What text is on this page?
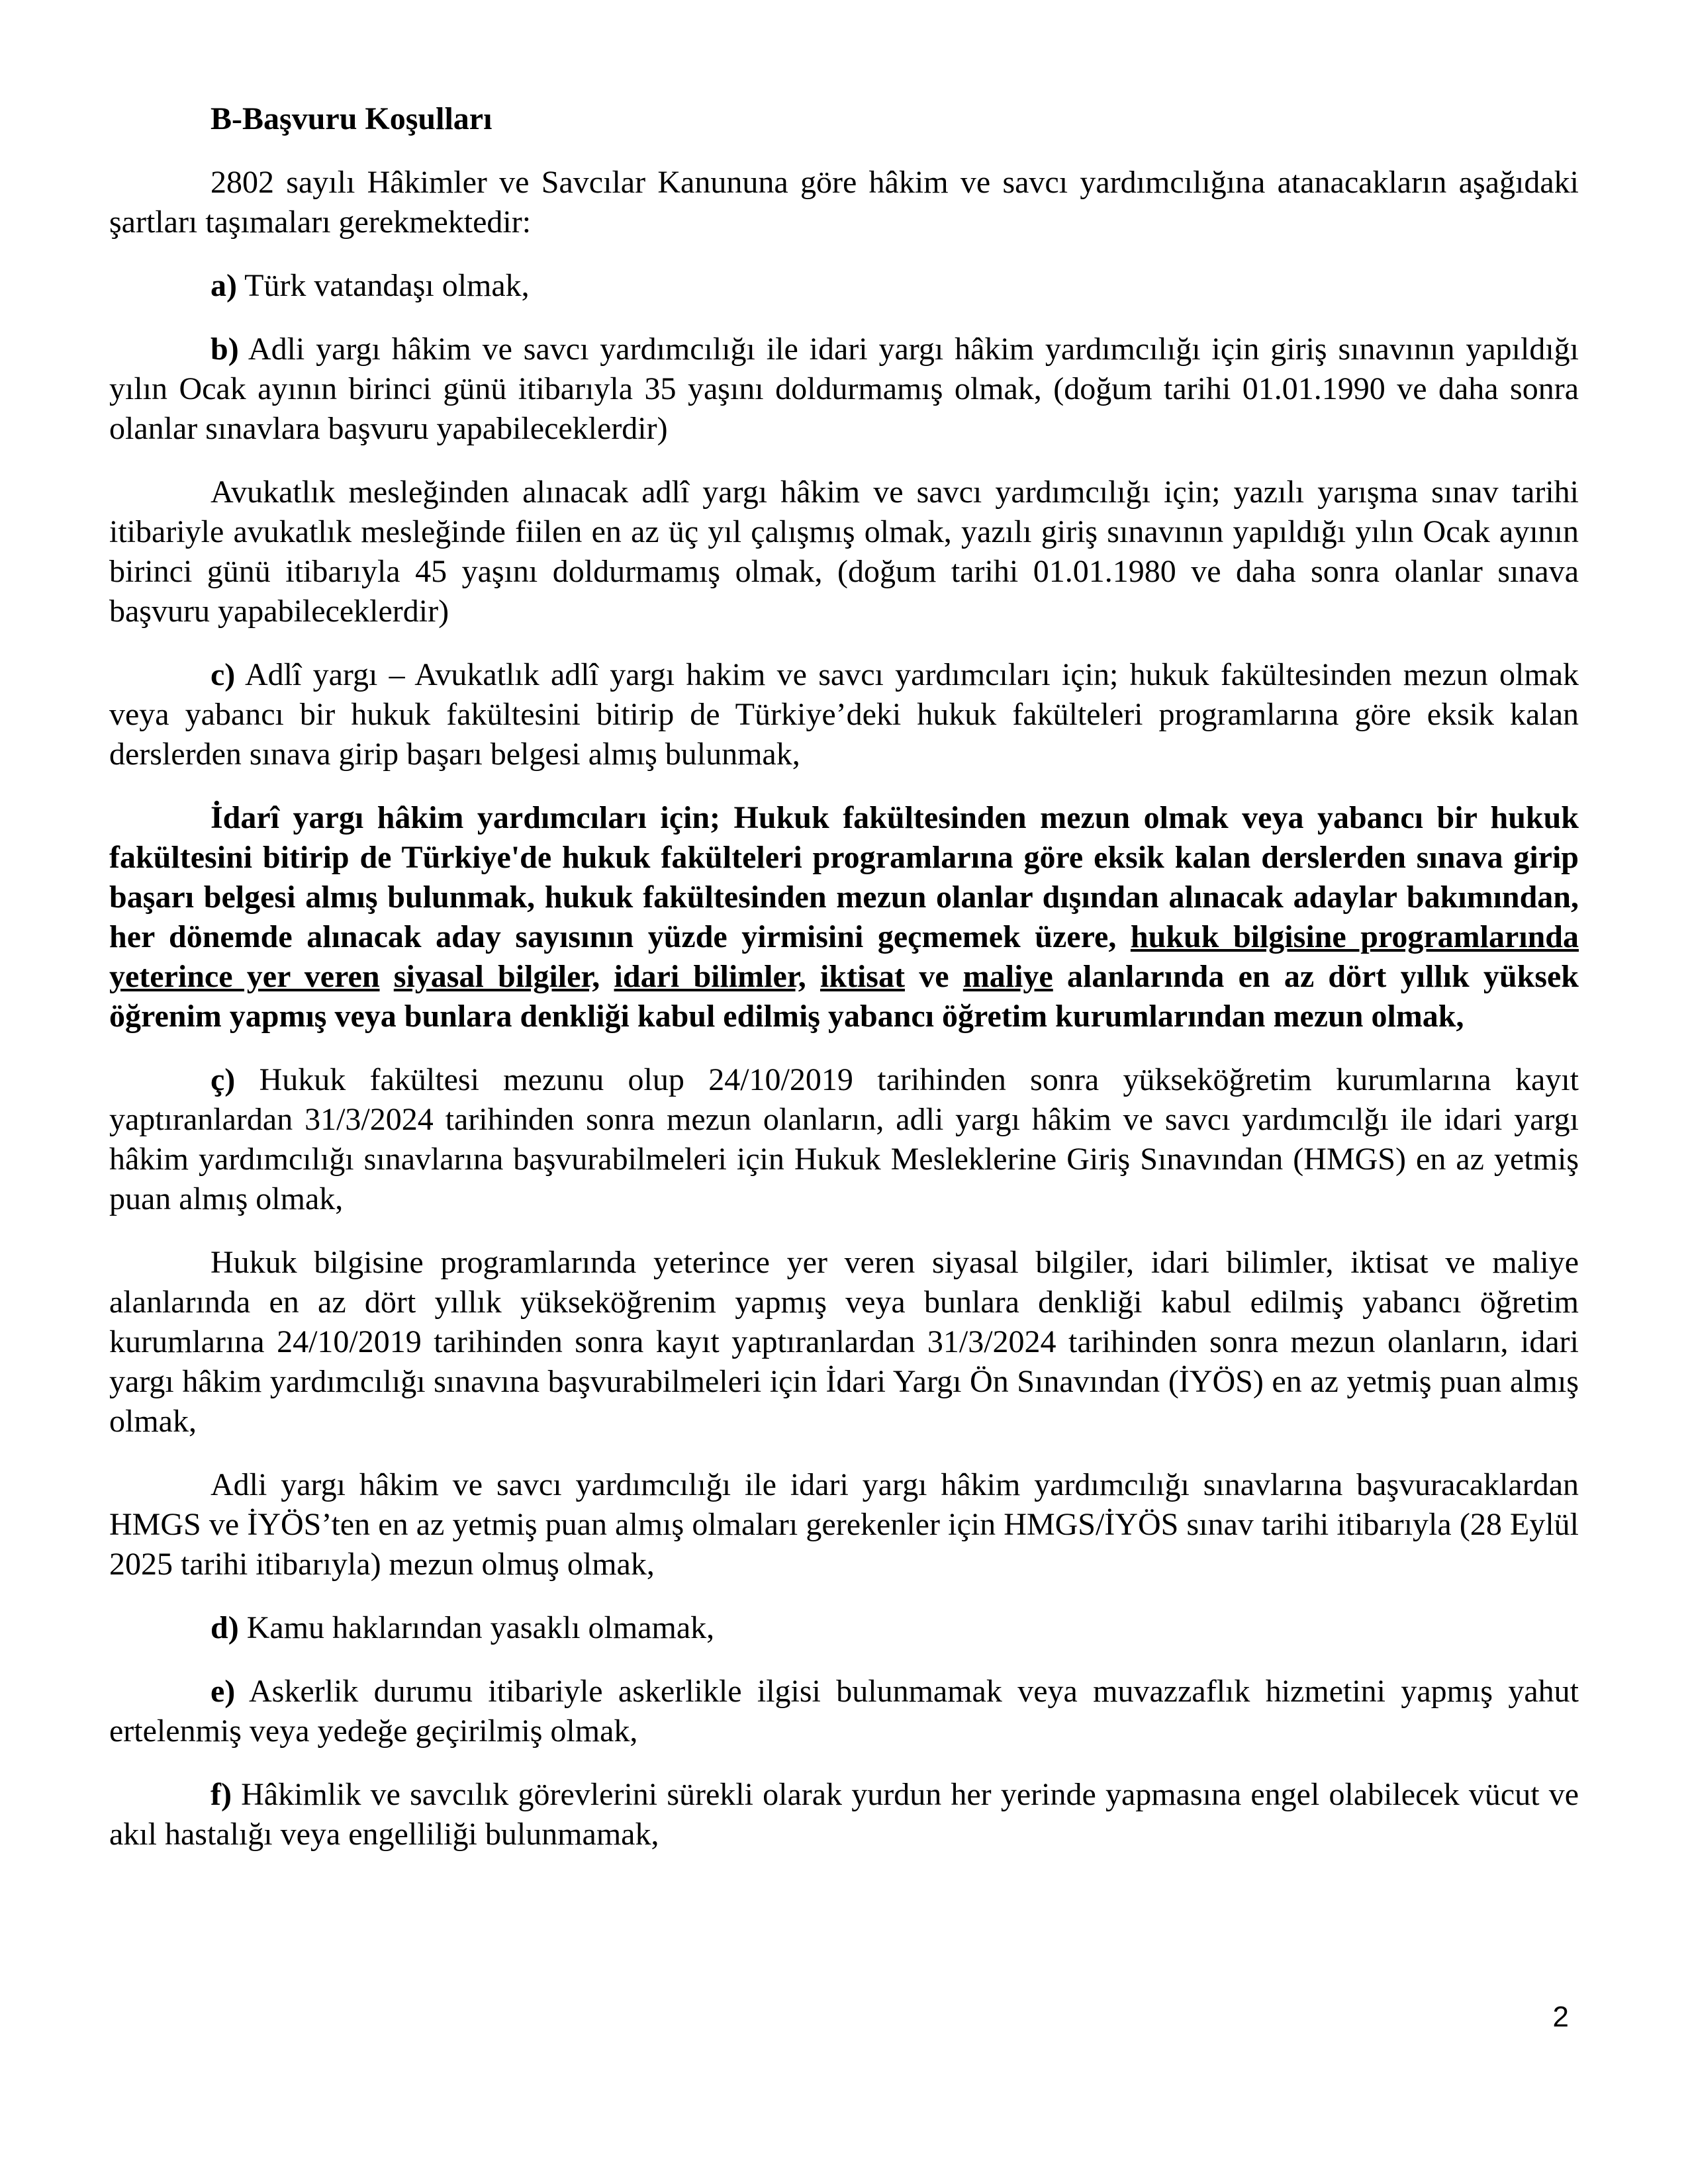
B-Başvuru Koşulları

2802 sayılı Hâkimler ve Savcılar Kanununa göre hâkim ve savcı yardımcılığına atanacakların aşağıdaki şartları taşımaları gerekmektedir:

a) Türk vatandaşı olmak,

b) Adli yargı hâkim ve savcı yardımcılığı ile idari yargı hâkim yardımcılığı için giriş sınavının yapıldığı yılın Ocak ayının birinci günü itibarıyla 35 yaşını doldurmamış olmak, (doğum tarihi 01.01.1990 ve daha sonra olanlar sınavlara başvuru yapabileceklerdir)

Avukatlık mesleğinden alınacak adlî yargı hâkim ve savcı yardımcılığı için; yazılı yarışma sınav tarihi itibariyle avukatlık mesleğinde fiilen en az üç yıl çalışmış olmak, yazılı giriş sınavının yapıldığı yılın Ocak ayının birinci günü itibarıyla 45 yaşını doldurmamış olmak, (doğum tarihi 01.01.1980 ve daha sonra olanlar sınava başvuru yapabileceklerdir)

c) Adlî yargı – Avukatlık adlî yargı hakim ve savcı yardımcıları için; hukuk fakültesinden mezun olmak veya yabancı bir hukuk fakültesini bitirip de Türkiye’deki hukuk fakülteleri programlarına göre eksik kalan derslerden sınava girip başarı belgesi almış bulunmak,

İdarî yargı hâkim yardımcıları için; Hukuk fakültesinden mezun olmak veya yabancı bir hukuk fakültesini bitirip de Türkiye'de hukuk fakülteleri programlarına göre eksik kalan derslerden sınava girip başarı belgesi almış bulunmak, hukuk fakültesinden mezun olanlar dışından alınacak adaylar bakımından, her dönemde alınacak aday sayısının yüzde yirmisini geçmemek üzere, hukuk bilgisine programlarında yeterince yer veren siyasal bilgiler, idari bilimler, iktisat ve maliye alanlarında en az dört yıllık yüksek öğrenim yapmış veya bunlara denkliği kabul edilmiş yabancı öğretim kurumlarından mezun olmak,

ç) Hukuk fakültesi mezunu olup 24/10/2019 tarihinden sonra yükseköğretim kurumlarına kayıt yaptıranlardan 31/3/2024 tarihinden sonra mezun olanların, adli yargı hâkim ve savcı yardımcılğı ile idari yargı hâkim yardımcılığı sınavlarına başvurabilmeleri için Hukuk Mesleklerine Giriş Sınavından (HMGS) en az yetmiş puan almış olmak,

Hukuk bilgisine programlarında yeterince yer veren siyasal bilgiler, idari bilimler, iktisat ve maliye alanlarında en az dört yıllık yükseköğrenim yapmış veya bunlara denkliği kabul edilmiş yabancı öğretim kurumlarına 24/10/2019 tarihinden sonra kayıt yaptıranlardan 31/3/2024 tarihinden sonra mezun olanların, idari yargı hâkim yardımcılığı sınavına başvurabilmeleri için İdari Yargı Ön Sınavından (İYÖS) en az yetmiş puan almış olmak,

Adli yargı hâkim ve savcı yardımcılığı ile idari yargı hâkim yardımcılığı sınavlarına başvuracaklardan HMGS ve İYÖS’ten en az yetmiş puan almış olmaları gerekenler için HMGS/İYÖS sınav tarihi itibarıyla (28 Eylül 2025 tarihi itibarıyla) mezun olmuş olmak,

d) Kamu haklarından yasaklı olmamak,

e) Askerlik durumu itibariyle askerlikle ilgisi bulunmamak veya muvazzaflık hizmetini yapmış yahut ertelenmiş veya yedeğe geçirilmiş olmak,

f) Hâkimlik ve savcılık görevlerini sürekli olarak yurdun her yerinde yapmasına engel olabilecek vücut ve akıl hastalığı veya engelliliği bulunmamak,

2
